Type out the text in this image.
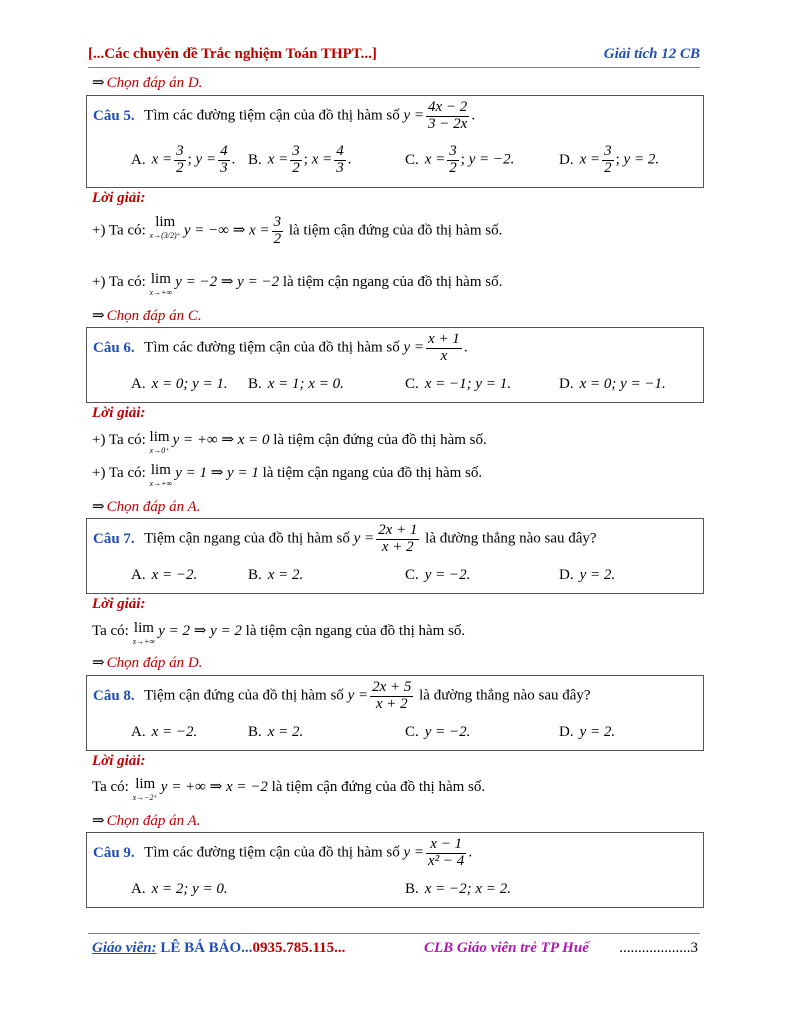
[...Các chuyên đề Trắc nghiệm Toán THPT...]	Giải tích 12 CB
⇒ Chọn đáp án D.
Câu 5. Tìm các đường tiệm cận của đồ thị hàm số $y = \frac{4x - 2}{3 - 2x}$ .
A. $x = \frac{3}{2}$ ; $y = \frac{4}{3}$ . B. $x = \frac{3}{2}$ ; $x = \frac{4}{3}$ .	C. $x = \frac{3}{2}$ ; y = −2.	D. $x = \frac{3}{2}$ ; y = 2.
Lời giải:
+) Ta có:
lim
x→(3/2)⁺ y = −∞ ⇒ $x = \frac{3}{2}$ là tiệm cận đứng của đồ thị hàm số.
+) Ta có: lim
x→+∞
y = −2 ⇒ y = −2 là tiệm cận ngang của đồ thị hàm số.
⇒ Chọn đáp án C.
Câu 6. Tìm các đường tiệm cận của đồ thị hàm số $y = \frac{x + 1}{x}$ .
A. x = 0; y = 1. B. x = 1; x = 0.	C. x = −1; y = 1.	D. x = 0; y = −1.
Lời giải:
+) Ta có: lim
x→0⁺
y = +∞ ⇒ x = 0 là tiệm cận đứng của đồ thị hàm số.
+) Ta có: lim
x→+∞
y = 1 ⇒ y = 1 là tiệm cận ngang của đồ thị hàm số.
⇒ Chọn đáp án A.
Câu 7. Tiệm cận ngang của đồ thị hàm số $y = \frac{2x + 1}{x + 2}$ là đường thẳng nào sau đây?
A. x = −2.	B. x = 2.	C. y = −2.	D. y = 2.
Lời giải:
Ta có: lim
x→+∞
y = 2 ⇒ y = 2 là tiệm cận ngang của đồ thị hàm số.
⇒ Chọn đáp án D.
Câu 8. Tiệm cận đứng của đồ thị hàm số $y = \frac{2x + 5}{x + 2}$ là đường thẳng nào sau đây?
A. x = −2.	B. x = 2.	C. y = −2.	D. y = 2.
Lời giải:
Ta có: lim
x→−2⁺
y = +∞ ⇒ x = −2 là tiệm cận đứng của đồ thị hàm số.
⇒ Chọn đáp án A.
Câu 9. Tìm các đường tiệm cận của đồ thị hàm số $y = \frac{x - 1}{\text{x² − 4}}$ .
A. x = 2; y = 0.	B. x = −2; x = 2.
Giáo viên: LÊ BÁ BẢO...0935.785.115...	CLB Giáo viên trẻ TP Huế ...................3
